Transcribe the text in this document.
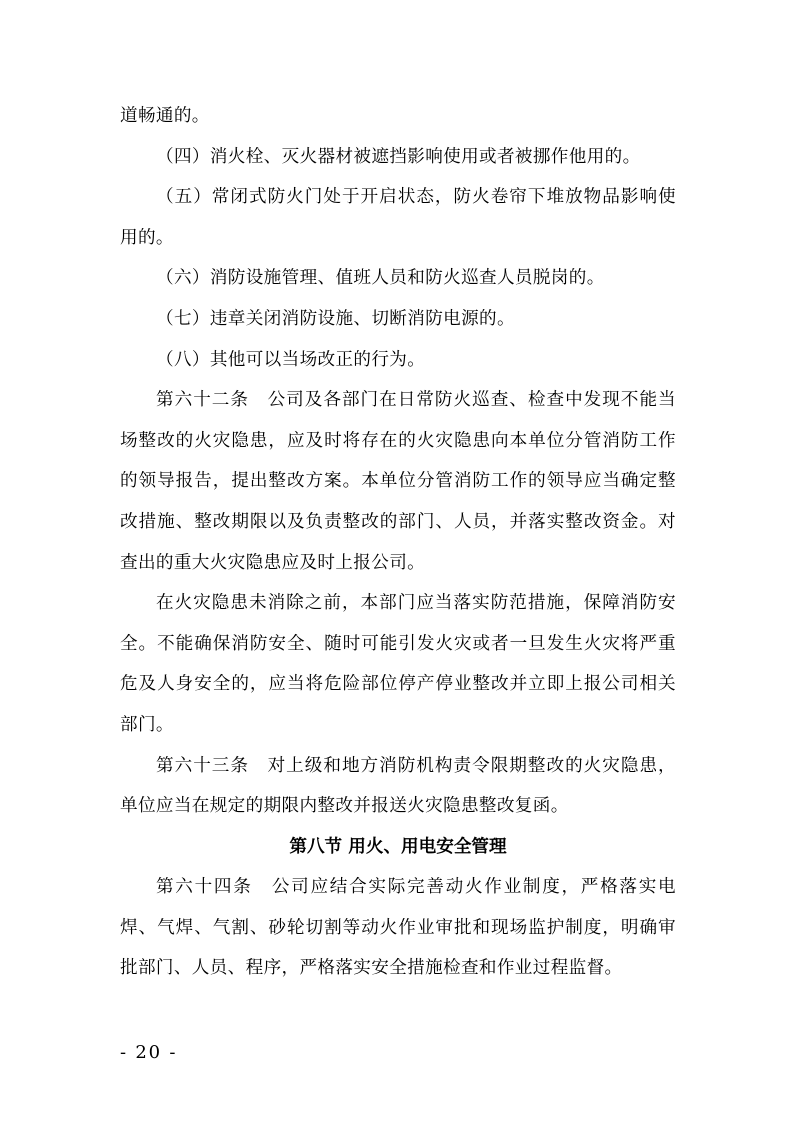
道畅通的。
（四）消火栓、灭火器材被遮挡影响使用或者被挪作他用的。
（五）常闭式防火门处于开启状态，防火卷帘下堆放物品影响使
用的。
（六）消防设施管理、值班人员和防火巡查人员脱岗的。
（七）违章关闭消防设施、切断消防电源的。
（八）其他可以当场改正的行为。
第六十二条　公司及各部门在日常防火巡查、检查中发现不能当
场整改的火灾隐患，应及时将存在的火灾隐患向本单位分管消防工作
的领导报告，提出整改方案。本单位分管消防工作的领导应当确定整
改措施、整改期限以及负责整改的部门、人员，并落实整改资金。对
查出的重大火灾隐患应及时上报公司。
在火灾隐患未消除之前，本部门应当落实防范措施，保障消防安
全。不能确保消防安全、随时可能引发火灾或者一旦发生火灾将严重
危及人身安全的，应当将危险部位停产停业整改并立即上报公司相关
部门。
第六十三条　对上级和地方消防机构责令限期整改的火灾隐患，
单位应当在规定的期限内整改并报送火灾隐患整改复函。
第八节 用火、用电安全管理
第六十四条　公司应结合实际完善动火作业制度，严格落实电
焊、气焊、气割、砂轮切割等动火作业审批和现场监护制度，明确审
批部门、人员、程序，严格落实安全措施检查和作业过程监督。
- 20 -
